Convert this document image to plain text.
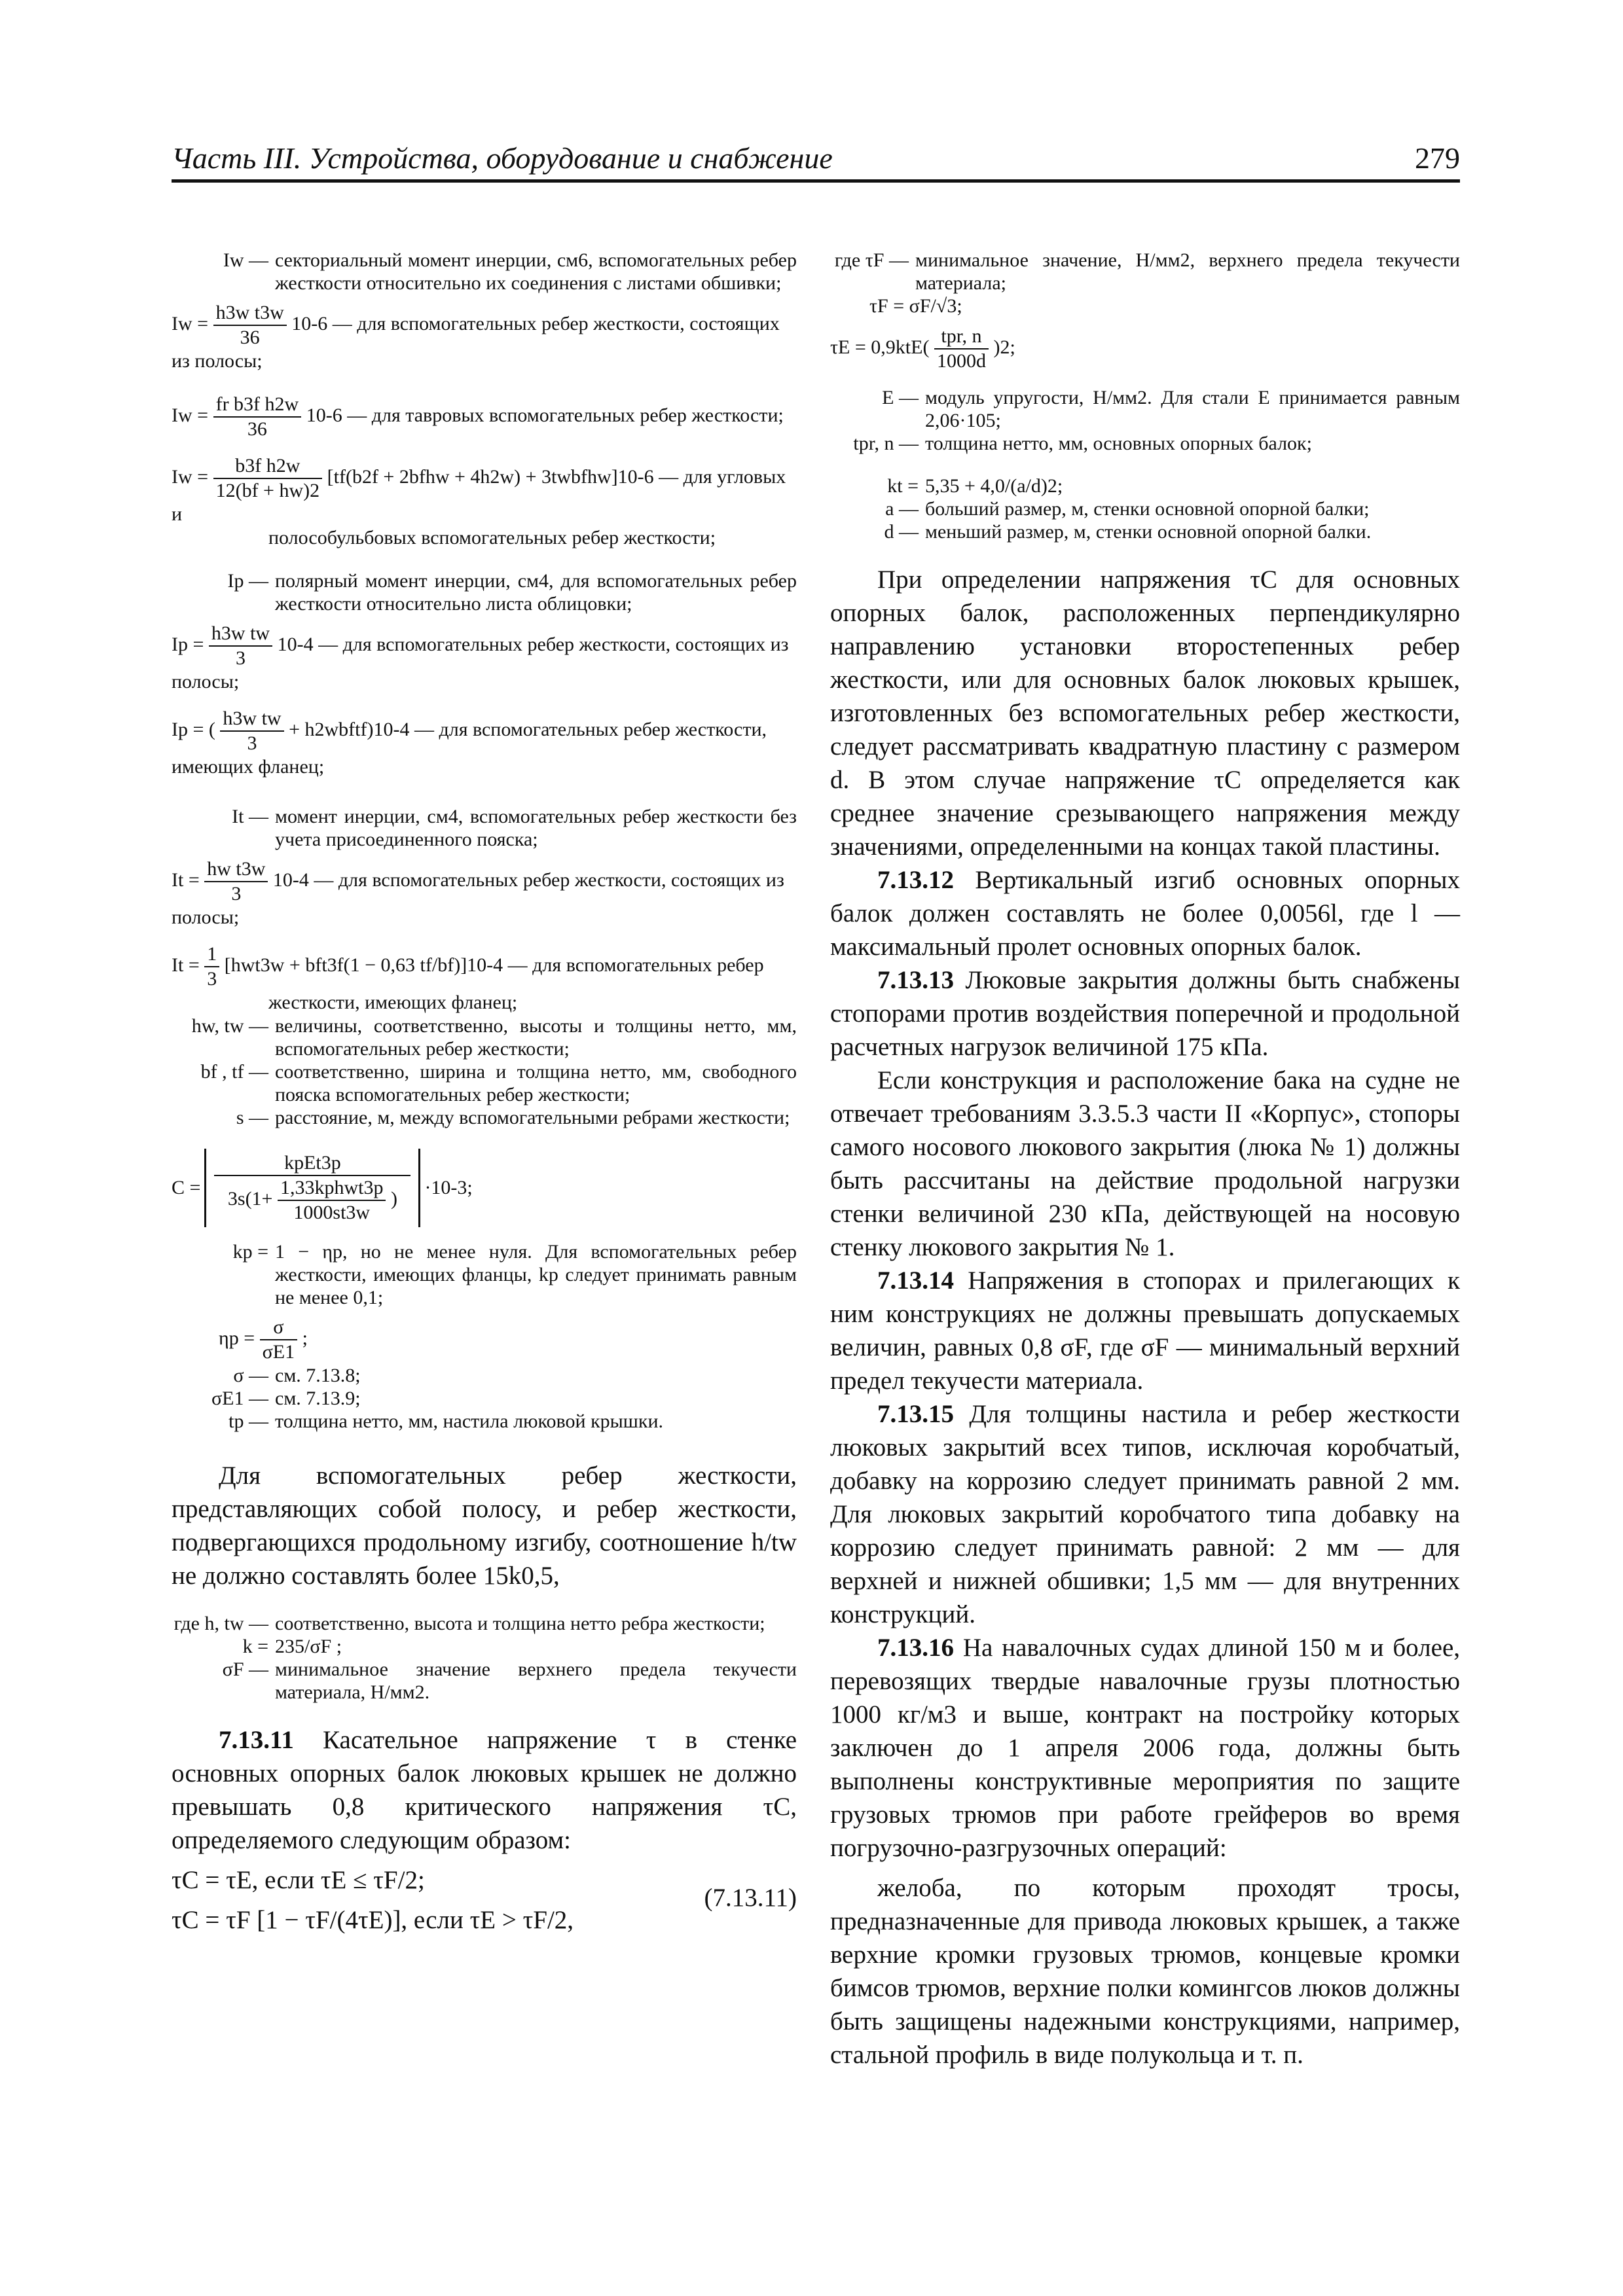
Часть III. Устройства, оборудование и снабжение	279
Iw — секториальный момент инерции, см6, вспомогательных ребер жесткости относительно их соединения с листами обшивки;
$Iw = \frac{\text{h3w t3w}}{36} 10-6$ — для вспомогательных ребер жесткости, состоящих из полосы;
$Iw = \frac{\text{fr b3f h2w}}{36} 10-6$ — для тавровых вспомогательных ребер жесткости;
$Iw = \frac{\text{b3f h2w}}{12(bf + hw)2} [tf(b2f$ + 2bfhw + 4h2w) + 3twbfhw]10-6 — для угловых и
полособульбовых вспомогательных ребер жесткости;
Ip — полярный момент инерции, см4, для вспомогательных ребер жесткости относительно листа облицовки;
$Ip = \frac{\text{h3w tw}}{3} 10-4$ — для вспомогательных ребер жесткости, состоящих из полосы;
Ip = ( $\frac{\text{h3w tw}}{3}$ + h2wbftf)10-4 — для вспомогательных ребер жесткости, имеющих фланец;
It — момент инерции, см4, вспомогательных ребер жесткости без учета присоединенного пояска;
$It = \frac{\text{hw t3w}}{3} 10-4$ — для вспомогательных ребер жесткости, состоящих из полосы;
$It = \frac{1}{3} [hwt3w + bft3f(1 - 0,63$ tf/bf)]10-4 — для вспомогательных ребер
жесткости, имеющих фланец;
hw, tw — величины, соответственно, высоты и толщины нетто, мм, вспомогательных ребер жесткости;
bf , tf — соответственно, ширина и толщина нетто, мм, свободного пояска вспомогательных ребер жесткости;
s — расстояние, м, между вспомогательными ребрами жесткости;
C =
kpEt3p
3s(1+
1,33kphwt3p
1000st3w
)
·10-3;
kp = 1 − ηp, но не менее нуля. Для вспомогательных ребер жесткости, имеющих фланцы, kp следует принимать равным не менее 0,1;
$\eta p = \frac{\sigma}{\sigma E1}$ ;
σ — см. 7.13.8;
σE1 — см. 7.13.9;
tp — толщина нетто, мм, настила люковой крышки.

Для вспомогательных ребер жесткости, представляющих собой полосу, и ребер жесткости, подвергающихся продольному изгибу, соотношение h/tw не должно составлять более 15k0,5,

где h, tw — соответственно, высота и толщина нетто ребра жесткости;
k = 235/σF ;
σF — минимальное значение верхнего предела текучести материала, Н/мм2.

7.13.11 Касательное напряжение τ в стенке основных опорных балок люковых крышек не должно превышать 0,8 критического напряжения τC, определяемого следующим образом:

τC = τE, если τE ≤ τF/2;

τC = τF [1 − τF/(4τE)], если τE > τF/2,

(7.13.11)
где τF — минимальное значение, Н/мм2, верхнего предела текучести материала;
τF = σF/√3;
τE = 0,9ktE(
tpr, n
1000d
)2;
E — модуль упругости, Н/мм2. Для стали E принимается равным 2,06·105;
tpr, n — толщина нетто, мм, основных опорных балок;
kt = 5,35 + 4,0/(a/d)2;
a — больший размер, м, стенки основной опорной балки;
d — меньший размер, м, стенки основной опорной балки.

При определении напряжения τC для основных опорных балок, расположенных перпендикулярно направлению установки второстепенных ребер жесткости, или для основных балок люковых крышек, изготовленных без вспомогательных ребер жесткости, следует рассматривать квадратную пластину с размером d. В этом случае напряжение τC определяется как среднее значение срезывающего напряжения между значениями, определенными на концах такой пластины.

7.13.12 Вертикальный изгиб основных опорных балок должен составлять не более 0,0056l, где l — максимальный пролет основных опорных балок.

7.13.13 Люковые закрытия должны быть снабжены стопорами против воздействия поперечной и продольной расчетных нагрузок величиной 175 кПа.

Если конструкция и расположение бака на судне не отвечает требованиям 3.3.5.3 части II «Корпус», стопоры самого носового люкового закрытия (люка № 1) должны быть рассчитаны на действие продольной нагрузки стенки величиной 230 кПа, действующей на носовую стенку люкового закрытия № 1.

7.13.14 Напряжения в стопорах и прилегающих к ним конструкциях не должны превышать допускаемых величин, равных 0,8 σF, где σF — минимальный верхний предел текучести материала.

7.13.15 Для толщины настила и ребер жесткости люковых закрытий всех типов, исключая коробчатый, добавку на коррозию следует принимать равной 2 мм. Для люковых закрытий коробчатого типа добавку на коррозию следует принимать равной: 2 мм — для верхней и нижней обшивки; 1,5 мм — для внутренних конструкций.

7.13.16 На навалочных судах длиной 150 м и более, перевозящих твердые навалочные грузы плотностью 1000 кг/м3 и выше, контракт на постройку которых заключен до 1 апреля 2006 года, должны быть выполнены конструктивные мероприятия по защите грузовых трюмов при работе грейферов во время погрузочно-разгрузочных операций:

желоба, по которым проходят тросы, предназначенные для привода люковых крышек, а также верхние кромки грузовых трюмов, концевые кромки бимсов трюмов, верхние полки комингсов люков должны быть защищены надежными конструкциями, например, стальной профиль в виде полукольца и т. п.
